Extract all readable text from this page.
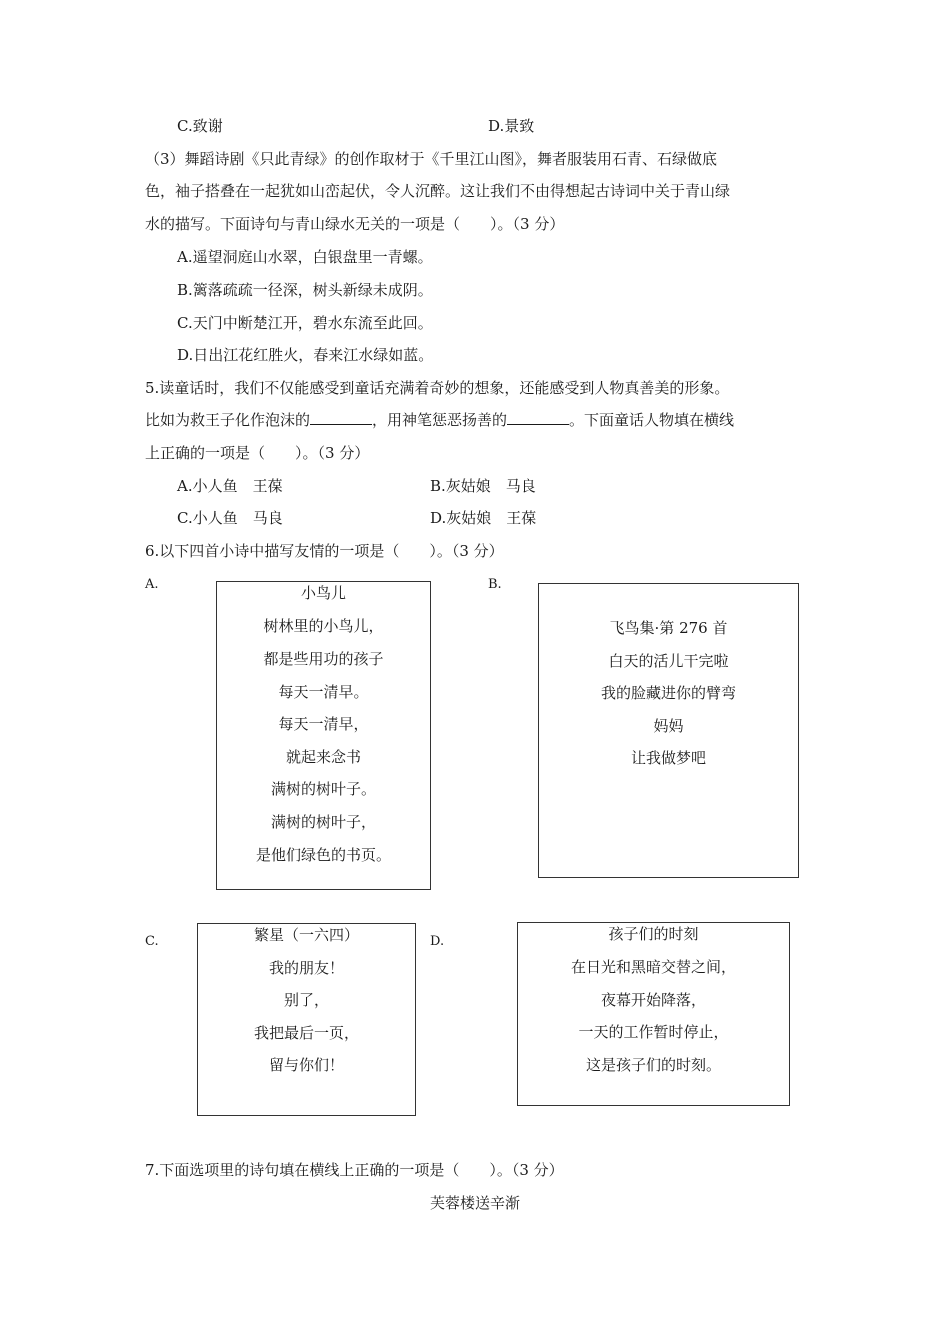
C.致谢	D.景致
（3）舞蹈诗剧《只此青绿》的创作取材于《千里江山图》，舞者服装用石青、石绿做底
色，袖子搭叠在一起犹如山峦起伏，令人沉醉。这让我们不由得想起古诗词中关于青山绿
水的描写。下面诗句与青山绿水无关的一项是（　　）。（3 分）
A.遥望洞庭山水翠，白银盘里一青螺。
B.篱落疏疏一径深，树头新绿未成阴。
C.天门中断楚江开，碧水东流至此回。
D.日出江花红胜火，春来江水绿如蓝。
5.读童话时，我们不仅能感受到童话充满着奇妙的想象，还能感受到人物真善美的形象。
比如为救王子化作泡沫的	，用神笔惩恶扬善的	。下面童话人物填在横线
上正确的一项是（　　）。（3 分）
A.小人鱼　王葆	B.灰姑娘　马良
C.小人鱼　马良	D.灰姑娘　王葆
6.以下四首小诗中描写友情的一项是（　　）。（3 分）
A.	小鸟儿
树林里的小鸟儿，
都是些用功的孩子
每天一清早。
每天一清早，
就起来念书
满树的树叶子。
满树的树叶子，
是他们绿色的书页。
B.
飞鸟集·第 276 首
白天的活儿干完啦
我的脸藏进你的臂弯
妈妈
让我做梦吧
C.	繁星（一六四）
我的朋友！
别了，
我把最后一页，
留与你们！
D.	孩子们的时刻
在日光和黑暗交替之间，
夜幕开始降落，
一天的工作暂时停止，
这是孩子们的时刻。
7.下面选项里的诗句填在横线上正确的一项是（　　）。（3 分）
芙蓉楼送辛渐
